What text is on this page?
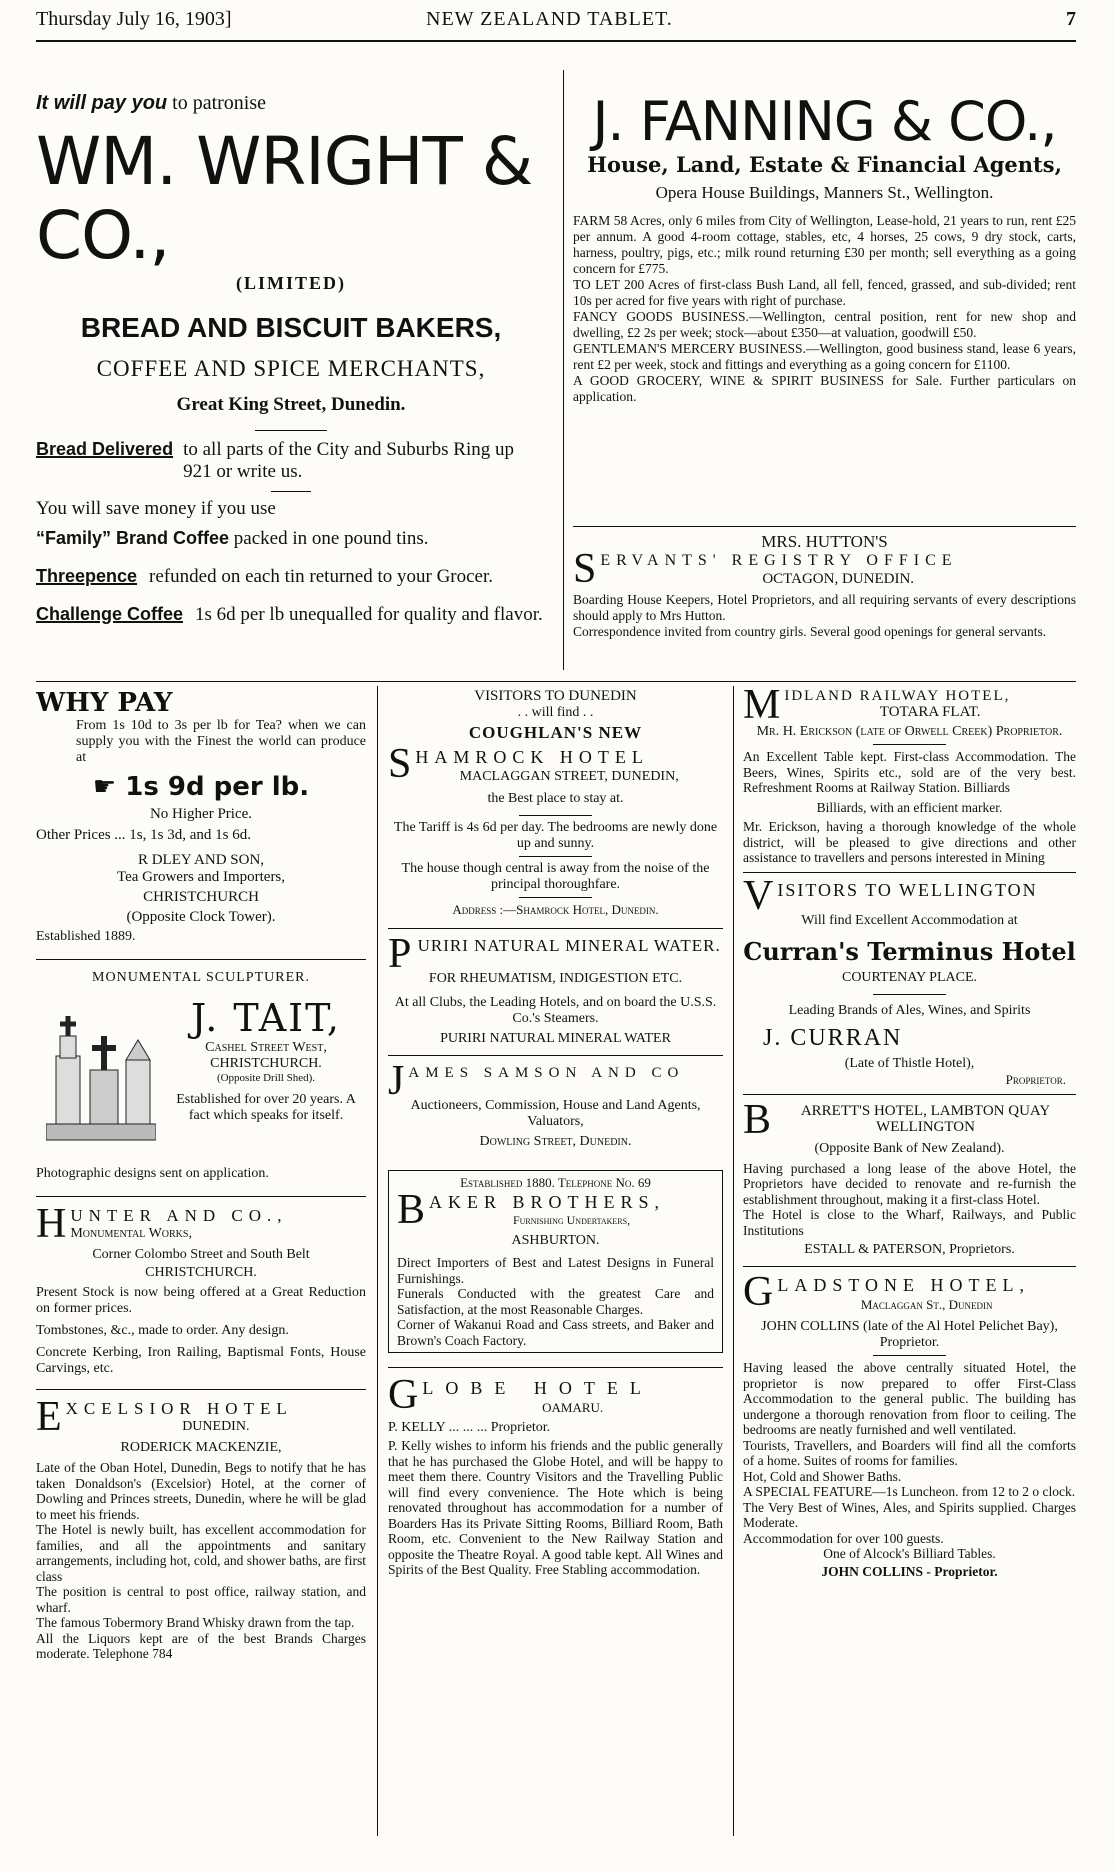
Thursday July 16, 1903]	NEW ZEALAND TABLET.	7
It will pay you to patronise
WM. WRIGHT & CO.,
(LIMITED)
BREAD AND BISCUIT BAKERS,
COFFEE AND SPICE MERCHANTS,
Great King Street, Dunedin.
Bread Delivered to all parts of the City and Suburbs Ring up 921 or write us.
You will save money if you use
“Family” Brand Coffee packed in one pound tins.
Threepence refunded on each tin returned to your Grocer.
Challenge Coffee 1s 6d per lb unequalled for quality and flavor.
J. FANNING & CO.,
House, Land, Estate & Financial Agents,
Opera House Buildings, Manners St., Wellington.

FARM 58 Acres, only 6 miles from City of Wellington, Lease-hold, 21 years to run, rent £25 per annum. A good 4-room cottage, stables, etc, 4 horses, 25 cows, 9 dry stock, carts, harness, poultry, pigs, etc.; milk round returning £30 per month; sell everything as a going concern for £775.

TO LET 200 Acres of first-class Bush Land, all fell, fenced, grassed, and sub-divided; rent 10s per acred for five years with right of purchase.

FANCY GOODS BUSINESS.—Wellington, central position, rent for new shop and dwelling, £2 2s per week; stock—about £350—at valuation, goodwill £50.

GENTLEMAN'S MERCERY BUSINESS.—Wellington, good business stand, lease 6 years, rent £2 per week, stock and fittings and everything as a going concern for £1100.

A GOOD GROCERY, WINE & SPIRIT BUSINESS for Sale. Further particulars on application.

MRS. HUTTON'S
S ERVANTS' REGISTRY OFFICE
OCTAGON, DUNEDIN.

Boarding House Keepers, Hotel Proprietors, and all requiring servants of every descriptions should apply to Mrs Hutton.

Correspondence invited from country girls. Several good openings for general servants.

WHY PAY
From 1s 10d to 3s per lb for Tea? when we can supply you with the Finest the world can produce at
☛ 1s 9d per lb.
No Higher Price.
Other Prices ... 1s, 1s 3d, and 1s 6d.
R DLEY AND SON,
Tea Growers and Importers,
CHRISTCHURCH
(Opposite Clock Tower).
Established 1889.
MONUMENTAL SCULPTURER.
J. TAIT,
Cashel Street West,
CHRISTCHURCH.
(Opposite Drill Shed).
Established for over 20 years. A fact which speaks for itself.
Photographic designs sent on application.
H UNTER AND CO.,
Monumental Works,
Corner Colombo Street and South Belt
CHRISTCHURCH.

Present Stock is now being offered at a Great Reduction on former prices.

Tombstones, &c., made to order. Any design.

Concrete Kerbing, Iron Railing, Baptismal Fonts, House Carvings, etc.

E XCELSIOR HOTEL
DUNEDIN.
RODERICK MACKENZIE,

Late of the Oban Hotel, Dunedin, Begs to notify that he has taken Donaldson's (Excelsior) Hotel, at the corner of Dowling and Princes streets, Dunedin, where he will be glad to meet his friends.

The Hotel is newly built, has excellent accommodation for families, and all the appointments and sanitary arrangements, including hot, cold, and shower baths, are first class

The position is central to post office, railway station, and wharf.

The famous Tobermory Brand Whisky drawn from the tap.

All the Liquors kept are of the best Brands Charges moderate. Telephone 784

VISITORS TO DUNEDIN
. . will find . .
COUGHLAN'S NEW
S HAMROCK HOTEL
MACLAGGAN STREET, DUNEDIN,
the Best place to stay at.
The Tariff is 4s 6d per day. The bedrooms are newly done up and sunny.
The house though central is away from the noise of the principal thoroughfare.
Address :—Shamrock Hotel, Dunedin.
P URIRI NATURAL MINERAL WATER.
FOR RHEUMATISM, INDIGESTION ETC.
At all Clubs, the Leading Hotels, and on board the U.S.S. Co.'s Steamers.
PURIRI NATURAL MINERAL WATER
J AMES SAMSON AND CO
Auctioneers, Commission, House and Land Agents, Valuators,
Dowling Street, Dunedin.
Established 1880. Telephone No. 69
B AKER BROTHERS,
Furnishing Undertakers,
ASHBURTON.

Direct Importers of Best and Latest Designs in Funeral Furnishings.

Funerals Conducted with the greatest Care and Satisfaction, at the most Reasonable Charges.

Corner of Wakanui Road and Cass streets, and Baker and Brown's Coach Factory.

G LOBE HOTEL
OAMARU.
P. KELLY ... ... ... Proprietor.
P. Kelly wishes to inform his friends and the public generally that he has purchased the Globe Hotel, and will be happy to meet them there. Country Visitors and the Travelling Public will find every convenience. The Hote which is being renovated throughout has accommodation for a number of Boarders Has its Private Sitting Rooms, Billiard Room, Bath Room, etc. Convenient to the New Railway Station and opposite the Theatre Royal. A good table kept. All Wines and Spirits of the Best Quality. Free Stabling accommodation.
M IDLAND RAILWAY HOTEL,
TOTARA FLAT.
Mr. H. Erickson (late of Orwell Creek) Proprietor.

An Excellent Table kept. First-class Accommodation. The Beers, Wines, Spirits etc., sold are of the very best. Refreshment Rooms at Railway Station. Billiards

Billiards, with an efficient marker.

Mr. Erickson, having a thorough knowledge of the whole district, will be pleased to give directions and other assistance to travellers and persons interested in Mining

V ISITORS TO WELLINGTON
Will find Excellent Accommodation at
Curran's Terminus Hotel
COURTENAY PLACE.
Leading Brands of Ales, Wines, and Spirits
J. CURRAN
(Late of Thistle Hotel),
Proprietor.
B	ARRETT'S HOTEL, LAMBTON QUAY WELLINGTON
(Opposite Bank of New Zealand).

Having purchased a long lease of the above Hotel, the Proprietors have decided to renovate and re-furnish the establishment throughout, making it a first-class Hotel.

The Hotel is close to the Wharf, Railways, and Public Institutions

ESTALL & PATERSON, Proprietors.
G LADSTONE HOTEL,
Maclaggan St., Dunedin
JOHN COLLINS (late of the Al Hotel Pelichet Bay), Proprietor.

Having leased the above centrally situated Hotel, the proprietor is now prepared to offer First-Class Accommodation to the general public. The building has undergone a thorough renovation from floor to ceiling. The bedrooms are neatly furnished and well ventilated.

Tourists, Travellers, and Boarders will find all the comforts of a home. Suites of rooms for families.

Hot, Cold and Shower Baths.

A SPECIAL FEATURE—1s Luncheon. from 12 to 2 o clock.

The Very Best of Wines, Ales, and Spirits supplied. Charges Moderate.

Accommodation for over 100 guests.

One of Alcock's Billiard Tables.

JOHN COLLINS - Proprietor.
